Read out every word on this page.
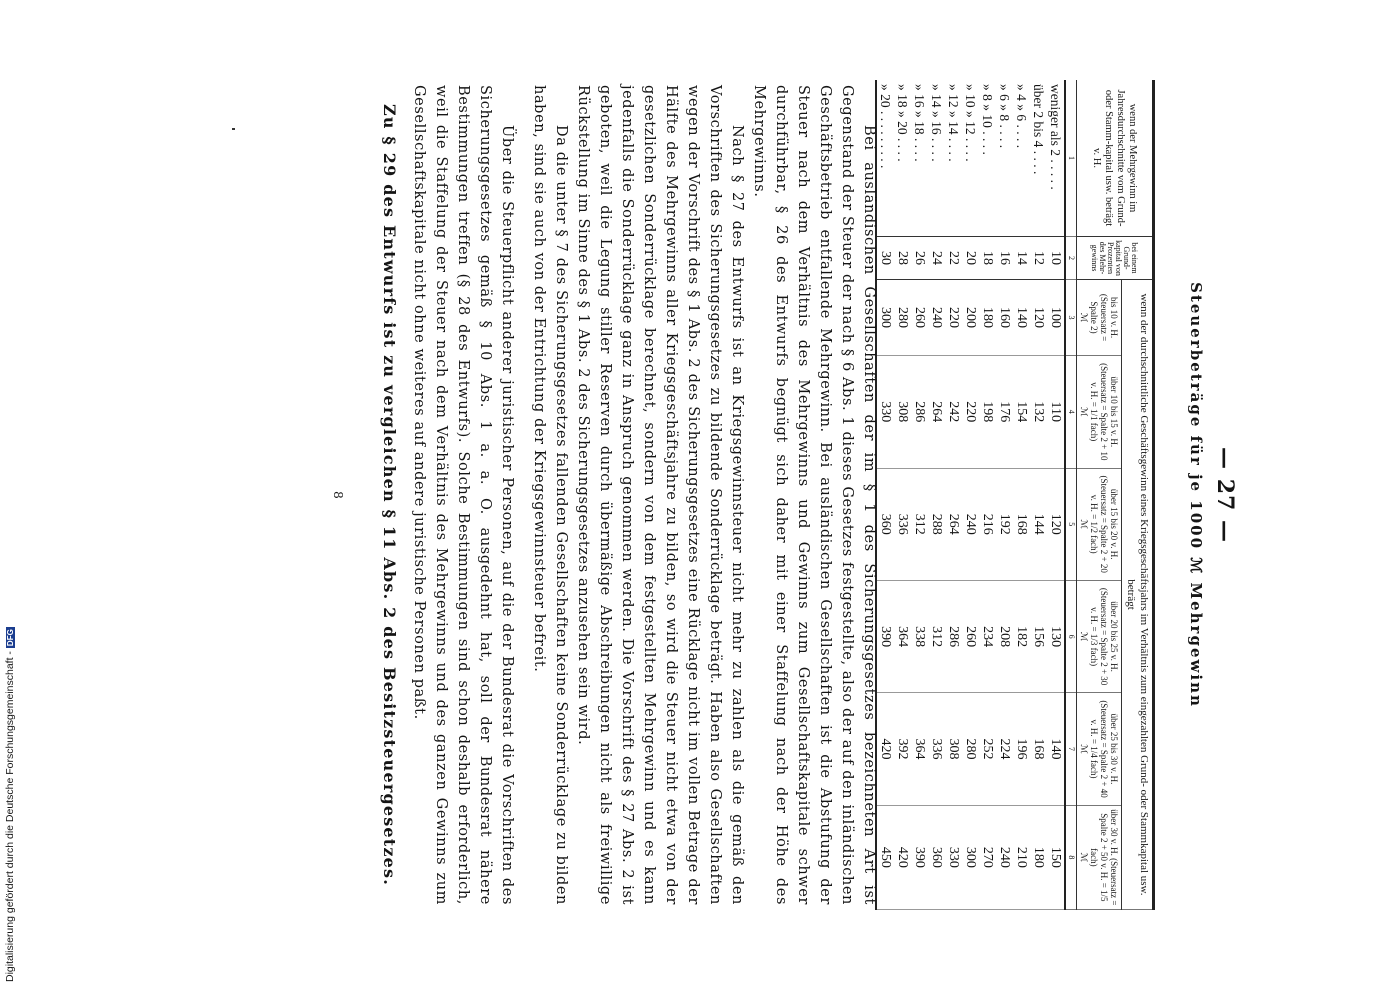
Digitalisierung gefördert durch die Deutsche Forschungsgemeinschaft -DFG
— 27 —
Steuerbeträge für je 1000 ℳ Mehrgewinn
wenn der Mehrgewinn im Jahresdurchschnitte vom Grund- oder Stamm-kapital usw. beträgt
v. H.	bei einem Grund-kapital von Prozenten des Mehr-gewinns	wenn der durchschnittliche Geschäftsgewinn eines Kriegsgeschäftsjahrs im Verhältnis zum eingezahlten Grund- oder Stammkapital usw. beträgt					
		bis 10 v. H. (Steuersatz = Spalte 2)
ℳ	über 10 bis 15 v. H. (Steuersatz = Spalte 2 + 10 v. H. = 1/1 fach)
ℳ	über 15 bis 20 v. H. (Steuersatz = Spalte 2 + 20 v. H. = 1/2 fach)
ℳ	über 20 bis 25 v. H. (Steuersatz = Spalte 2 + 30 v. H. = 1/3 fach)
ℳ	über 25 bis 30 v. H. (Steuersatz = Spalte 2 + 40 v. H. = 1/4 fach)
ℳ	über 30 v. H. (Steuersatz = Spalte 2 + 50 v. H. = 1/5 fach)
ℳ
1	2	3	4	5	6	7	8
weniger als 2 . . . . .	10	100	110	120	130	140	150
über 2 bis 4 . . . .	12	120	132	144	156	168	180
» 4 » 6 . . . .	14	140	154	168	182	196	210
» 6 » 8 . . . .	16	160	176	192	208	224	240
» 8 » 10 . . . .	18	180	198	216	234	252	270
» 10 » 12 . . . .	20	200	220	240	260	280	300
» 12 » 14 . . . .	22	220	242	264	286	308	330
» 14 » 16 . . . .	24	240	264	288	312	336	360
» 16 » 18 . . . .	26	260	286	312	338	364	390
» 18 » 20 . . . .	28	280	308	336	364	392	420
» 20 . . . . . . . . .	30	300	330	360	390	420	450

Bei ausländischen Gesellschaften der im § 1 des Sicherungsgesetzes bezeichneten Art ist Gegenstand der Steuer der nach § 6 Abs. 1 dieses Gesetzes festgestellte, also der auf den inländischen Geschäftsbetrieb entfallende Mehrgewinn. Bei ausländischen Gesellschaften ist die Abstufung der Steuer nach dem Verhältnis des Mehrgewinns und Gewinns zum Gesellschaftskapitale schwer durchführbar, § 26 des Entwurfs begnügt sich daher mit einer Staffelung nach der Höhe des Mehrgewinns.

Nach § 27 des Entwurfs ist an Kriegsgewinnsteuer nicht mehr zu zahlen als die gemäß den Vorschriften des Sicherungsgesetzes zu bildende Sonderrücklage beträgt. Haben also Gesellschaften wegen der Vorschrift des § 1 Abs. 2 des Sicherungsgesetzes eine Rücklage nicht im vollen Betrage der Hälfte des Mehrgewinns aller Kriegsgeschäftsjahre zu bilden, so wird die Steuer nicht etwa von der gesetzlichen Sonderrücklage berechnet, sondern von dem festgestellten Mehrgewinn und es kann jedenfalls die Sonderrücklage ganz in Anspruch genommen werden. Die Vorschrift des § 27 Abs. 2 ist geboten, weil die Legung stiller Reserven durch übermäßige Abschreibungen nicht als freiwillige Rückstellung im Sinne des § 1 Abs. 2 des Sicherungsgesetzes anzusehen sein wird.

Da die unter § 7 des Sicherungsgesetzes fallenden Gesellschaften keine Sonderrücklage zu bilden haben, sind sie auch von der Entrichtung der Kriegsgewinnsteuer befreit.

Über die Steuerpflicht anderer juristischer Personen, auf die der Bundesrat die Vorschriften des Sicherungsgesetzes gemäß § 10 Abs. 1 a. a. O. ausgedehnt hat, soll der Bundesrat nähere Bestimmungen treffen (§ 28 des Entwurfs). Solche Bestimmungen sind schon deshalb erforderlich, weil die Staffelung der Steuer nach dem Verhältnis des Mehrgewinns und des ganzen Gewinns zum Gesellschaftskapitale nicht ohne weiteres auf andere juristische Personen paßt.

Zu § 29 des Entwurfs ist zu vergleichen § 11 Abs. 2 des Besitzsteuergesetzes.

8
